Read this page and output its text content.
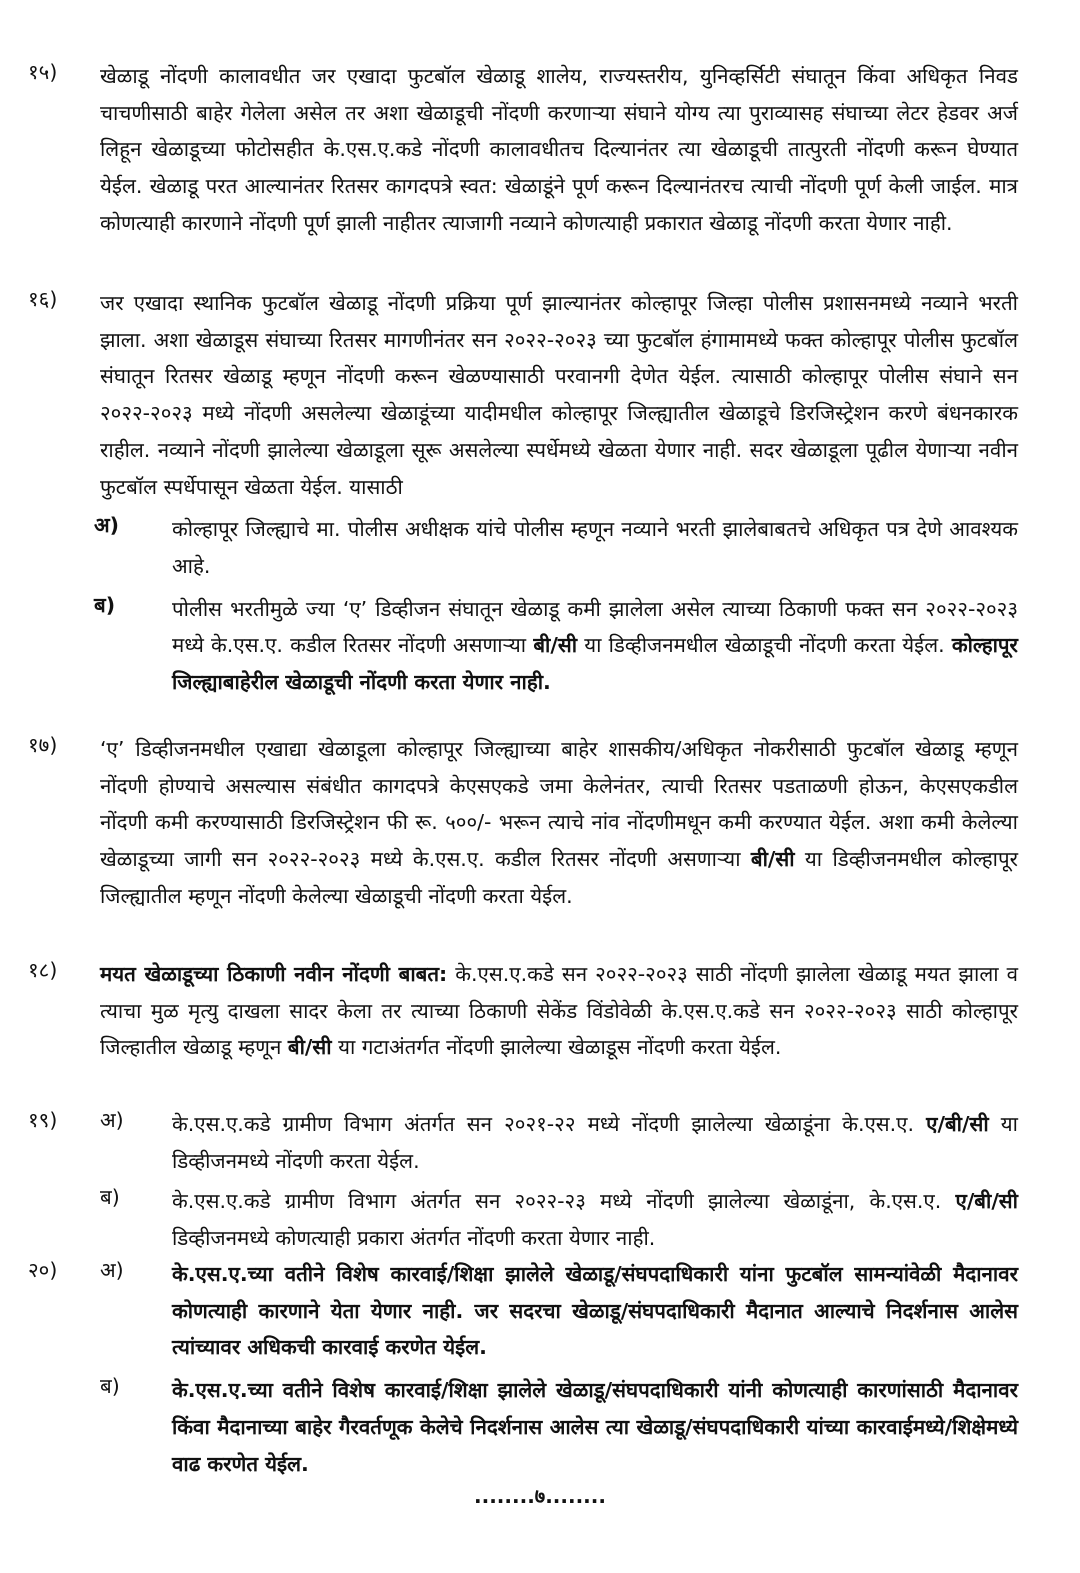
१५)	खेळाडू नोंदणी कालावधीत जर एखादा फुटबॉल खेळाडू शालेय, राज्यस्तरीय, युनिव्हर्सिटी संघातून किंवा अधिकृत निवड चाचणीसाठी बाहेर गेलेला असेल तर अशा खेळाडूची नोंदणी करणाऱ्या संघाने योग्य त्या पुराव्यासह संघाच्या लेटर हेडवर अर्ज लिहून खेळाडूच्या फोटोसहीत के.एस.ए.कडे नोंदणी कालावधीतच दिल्यानंतर त्या खेळाडूची तात्पुरती नोंदणी करून घेण्यात येईल. खेळाडू परत आल्यानंतर रितसर कागदपत्रे स्वत: खेळाडूंने पूर्ण करून दिल्यानंतरच त्याची नोंदणी पूर्ण केली जाईल. मात्र कोणत्याही कारणाने नोंदणी पूर्ण झाली नाहीतर त्याजागी नव्याने कोणत्याही प्रकारात खेळाडू नोंदणी करता येणार नाही.
१६)	जर एखादा स्थानिक फुटबॉल खेळाडू नोंदणी प्रक्रिया पूर्ण झाल्यानंतर कोल्हापूर जिल्हा पोलीस प्रशासनमध्ये नव्याने भरती झाला. अशा खेळाडूस संघाच्या रितसर मागणीनंतर सन २०२२-२०२३ च्या फुटबॉल हंगामामध्ये फक्त कोल्हापूर पोलीस फुटबॉल संघातून रितसर खेळाडू म्हणून नोंदणी करून खेळण्यासाठी परवानगी देणेत येईल. त्यासाठी कोल्हापूर पोलीस संघाने सन २०२२-२०२३ मध्ये नोंदणी असलेल्या खेळाडूंच्या यादीमधील कोल्हापूर जिल्ह्यातील खेळाडूचे डिरजिस्ट्रेशन करणे बंधनकारक राहील. नव्याने नोंदणी झालेल्या खेळाडूला सूरू असलेल्या स्पर्धेमध्ये खेळता येणार नाही. सदर खेळाडूला पूढील येणाऱ्या नवीन फुटबॉल स्पर्धेपासून खेळता येईल. यासाठी
अ)	कोल्हापूर जिल्ह्याचे मा. पोलीस अधीक्षक यांचे पोलीस म्हणून नव्याने भरती झालेबाबतचे अधिकृत पत्र देणे आवश्यक आहे.
ब)	पोलीस भरतीमुळे ज्या ‘ए’ डिव्हीजन संघातून खेळाडू कमी झालेला असेल त्याच्या ठिकाणी फक्त सन २०२२-२०२३ मध्ये के.एस.ए. कडील रितसर नोंदणी असणाऱ्या बी/सी या डिव्हीजनमधील खेळाडूची नोंदणी करता येईल. कोल्हापूर जिल्ह्याबाहेरील खेळाडूची नोंदणी करता येणार नाही.
१७)	‘ए’ डिव्हीजनमधील एखाद्या खेळाडूला कोल्हापूर जिल्ह्याच्या बाहेर शासकीय/अधिकृत नोकरीसाठी फुटबॉल खेळाडू म्हणून नोंदणी होण्याचे असल्यास संबंधीत कागदपत्रे केएसएकडे जमा केलेनंतर, त्याची रितसर पडताळणी होऊन, केएसएकडील नोंदणी कमी करण्यासाठी डिरजिस्ट्रेशन फी रू. ५००/- भरून त्याचे नांव नोंदणीमधून कमी करण्यात येईल. अशा कमी केलेल्या खेळाडूच्या जागी सन २०२२-२०२३ मध्ये के.एस.ए. कडील रितसर नोंदणी असणाऱ्या बी/सी या डिव्हीजनमधील कोल्हापूर जिल्ह्यातील म्हणून नोंदणी केलेल्या खेळाडूची नोंदणी करता येईल.
१८)	मयत खेळाडूच्या ठिकाणी नवीन नोंदणी बाबत: के.एस.ए.कडे सन २०२२-२०२३ साठी नोंदणी झालेला खेळाडू मयत झाला व त्याचा मुळ मृत्यु दाखला सादर केला तर त्याच्या ठिकाणी सेकेंड विंडोवेळी के.एस.ए.कडे सन २०२२-२०२३ साठी कोल्हापूर जिल्हातील खेळाडू म्हणून बी/सी या गटाअंतर्गत नोंदणी झालेल्या खेळाडूस नोंदणी करता येईल.
१९)	अ)	के.एस.ए.कडे ग्रामीण विभाग अंतर्गत सन २०२१-२२ मध्ये नोंदणी झालेल्या खेळाडूंना के.एस.ए. ए/बी/सी या डिव्हीजनमध्ये नोंदणी करता येईल.
ब)	के.एस.ए.कडे ग्रामीण विभाग अंतर्गत सन २०२२-२३ मध्ये नोंदणी झालेल्या खेळाडूंना, के.एस.ए. ए/बी/सी डिव्हीजनमध्ये कोणत्याही प्रकारा अंतर्गत नोंदणी करता येणार नाही.
२०)	अ)	के.एस.ए.च्या वतीने विशेष कारवाई/शिक्षा झालेले खेळाडू/संघपदाधिकारी यांना फुटबॉल सामन्यांवेळी मैदानावर कोणत्याही कारणाने येता येणार नाही. जर सदरचा खेळाडू/संघपदाधिकारी मैदानात आल्याचे निदर्शनास आलेस त्यांच्यावर अधिकची कारवाई करणेत येईल.
ब)	के.एस.ए.च्या वतीने विशेष कारवाई/शिक्षा झालेले खेळाडू/संघपदाधिकारी यांनी कोणत्याही कारणांसाठी मैदानावर किंवा मैदानाच्या बाहेर गैरवर्तणूक केलेचे निदर्शनास आलेस त्या खेळाडू/संघपदाधिकारी यांच्या कारवाईमध्ये/शिक्षेमध्ये वाढ करणेत येईल.
........७........
